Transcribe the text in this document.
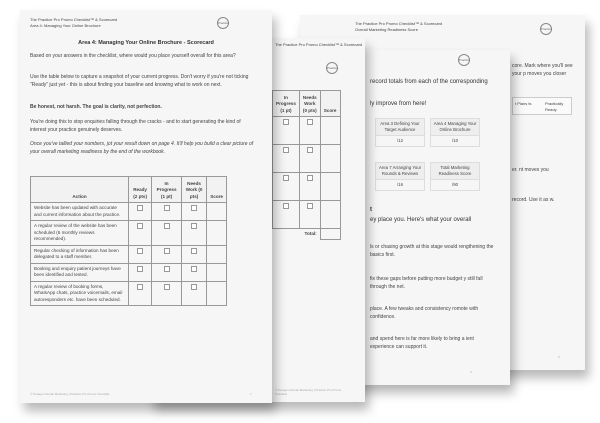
The Practice Pro Promo Checklist™ & Scorecard
Overall Marketing Readiness Score	Practice
core. Mark where you'll see your p moves you closer
t Plans ts	Practically Ready
er. nt moves you
record. Use it as w.
5
Practice
record totals from each of the corresponding
ly improve from here!
Area 3 Defining Your Target Audience
/12
Area 4 Managing Your Online Brochure
/10
Area 7 Arranging Your Rounds & Reviews
/16
Total Marketing Readiness Score
/90
t
ey place you. Here's what your overall
ls or chasing growth at this stage would rengthening the basics first.
fix these gaps before putting more budget y still fall through the net.
place. A few tweaks and consistency romote with confidence.
and spend here is far more likely to bring a ient experience can support it.
4
The Practice Pro Promo Checklist™ & Scorecard
Practice
In Progress (1 pt)	Needs Work (0 pts)	Score

	Total:	
© Paragon Dental Marketing | Practice Pro Promo Checklist
The Practice Pro Promo Checklist™ & Scorecard
Area 4: Managing Your Online Brochure	Practice
Area 4: Managing Your Online Brochure - Scorecard
Based on your answers in the checklist, where would you place yourself overall for this area?
Use the table below to capture a snapshot of your current progress. Don't worry if you're not ticking "Ready" just yet - this is about finding your baseline and knowing what to work on next.
Be honest, not harsh. The goal is clarity, not perfection.
You're doing this to stop enquiries falling through the cracks - and to start generating the kind of interest your practice genuinely deserves.
Once you've tallied your numbers, jot your result down on page 4. It'll help you build a clear picture of your overall marketing readiness by the end of the workbook.
Action	Ready (2 pts)	In Progress (1 pt)	Needs Work (0 pts)	Score
Website has been updated with accurate and current information about the practice.				
A regular review of the website has been scheduled (6 monthly reviews recommended).				
Regular checking of information has been delegated to a staff member.				
Booking and enquiry patient journeys have been identified and tested.				
A regular review of booking forms, WhatsApp chats, practice voicemails, email autoresponders etc. have been scheduled.				
© Paragon Dental Marketing | Practice Pro Promo Checklist	7
